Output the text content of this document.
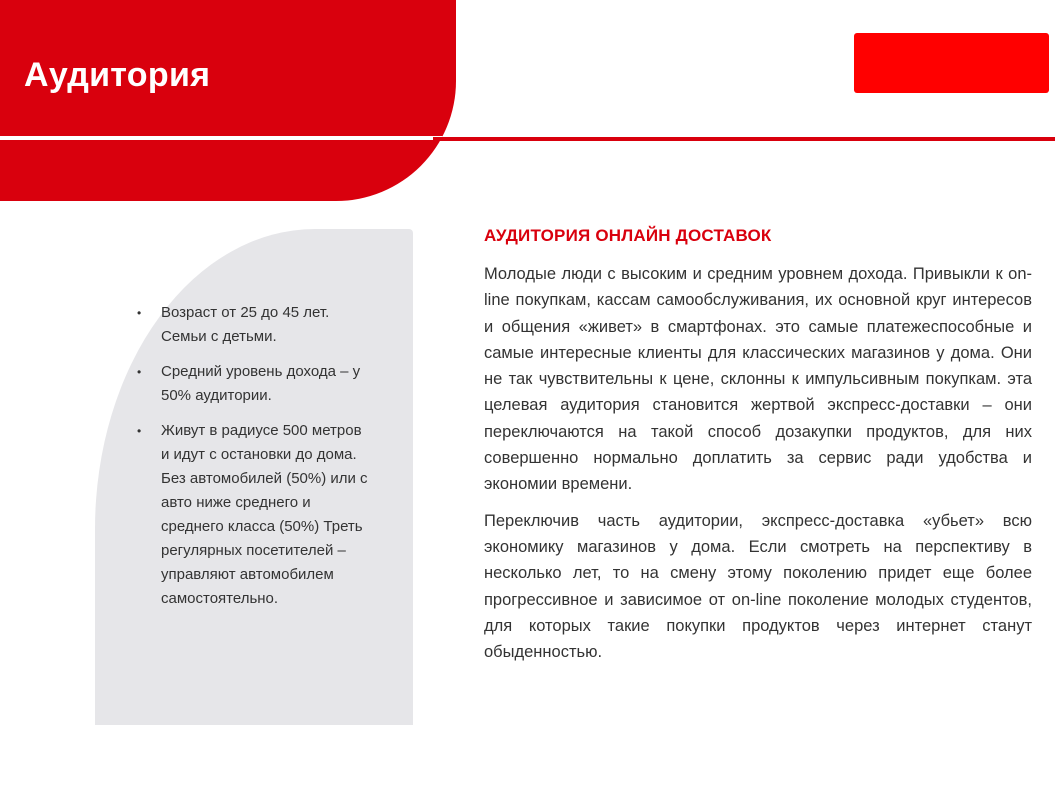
Аудитория
• Возраст от 25 до 45 лет. Семьи с детьми.
• Средний уровень дохода – у 50% аудитории.
• Живут в радиусе 500 метров и идут с остановки до дома. Без автомобилей (50%) или с авто ниже среднего и среднего класса (50%) Треть регулярных посетителей – управляют автомобилем самостоятельно.
АУДИТОРИЯ ОНЛАЙН ДОСТАВОК

Молодые люди с высоким и средним уровнем дохода. Привыкли к on-line покупкам, кассам самообслуживания, их основной круг интересов и общения «живет» в смартфонах. это самые платежеспособные и самые интересные клиенты для классических магазинов у дома. Они не так чувствительны к цене, склонны к импульсивным покупкам. эта целевая аудитория становится жертвой экспресс-доставки – они переключаются на такой способ дозакупки продуктов, для них совершенно нормально доплатить за сервис ради удобства и экономии времени.

Переключив часть аудитории, экспресс-доставка «убьет» всю экономику магазинов у дома. Если смотреть на перспективу в несколько лет, то на смену этому поколению придет еще более прогрессивное и зависимое от on-line поколение молодых студентов, для которых такие покупки продуктов через интернет станут обыденностью.
